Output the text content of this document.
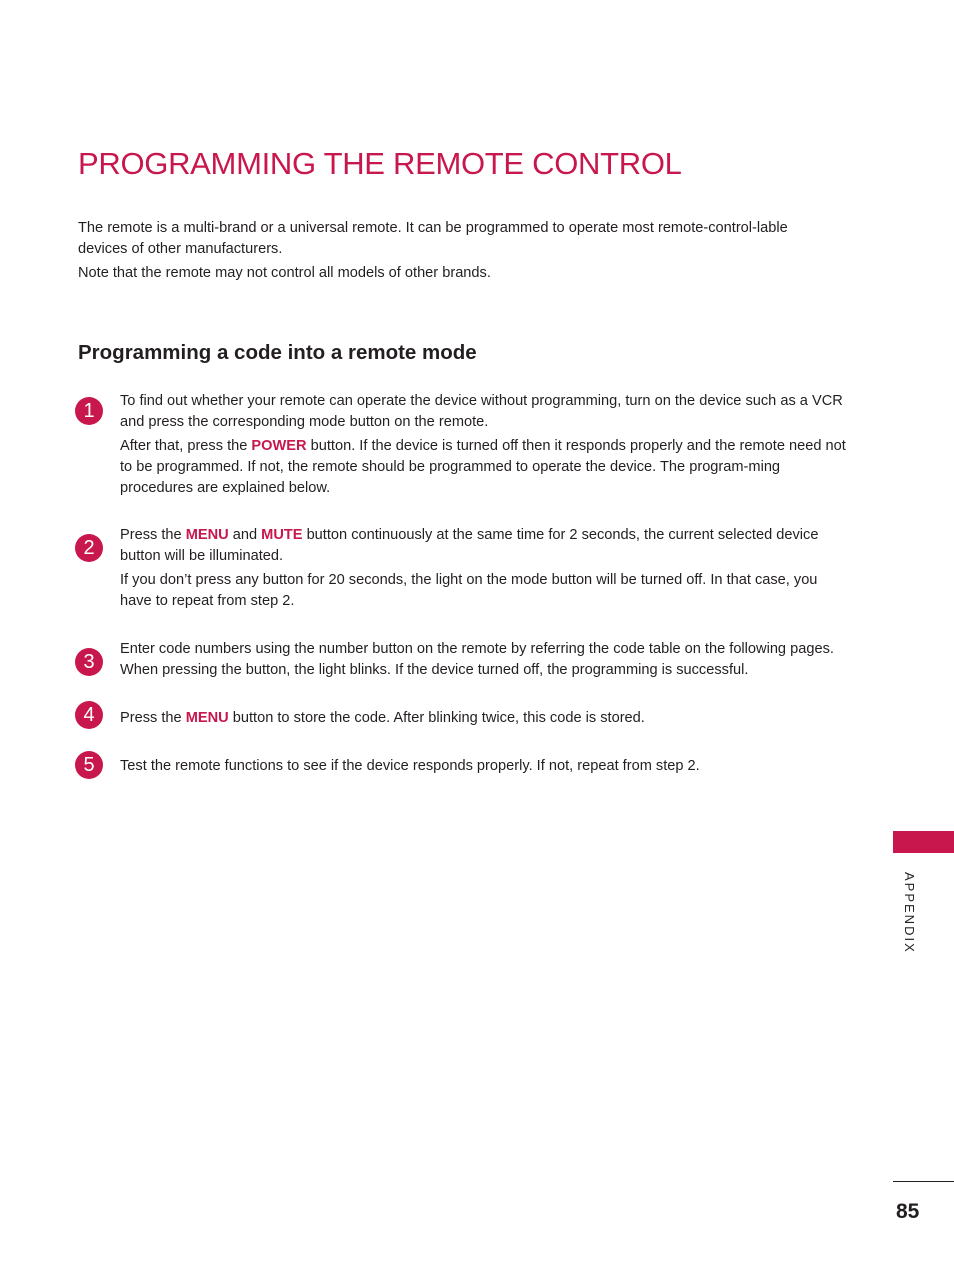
PROGRAMMING THE REMOTE CONTROL

The remote is a multi-brand or a universal remote. It can be programmed to operate most remote-control-lable devices of other manufacturers.

Note that the remote may not control all models of other brands.

Programming a code into a remote mode
1	To find out whether your remote can operate the device without programming, turn on the device such as a VCR and press the corresponding mode button on the remote.

After that, press the POWER button. If the device is turned off then it responds properly and the remote need not to be programmed. If not, the remote should be programmed to operate the device. The program-ming procedures are explained below.

2

Press the MENU and MUTE button continuously at the same time for 2 seconds, the current selected device button will be illuminated.

If you don’t press any button for 20 seconds, the light on the mode button will be turned off. In that case, you have to repeat from step 2.

3

Enter code numbers using the number button on the remote by referring the code table on the following pages. When pressing the button, the light blinks. If the device turned off, the programming is successful.

4	Press the MENU button to store the code. After blinking twice, this code is stored.

5	Test the remote functions to see if the device responds properly. If not, repeat from step 2.

APPENDIX
85
